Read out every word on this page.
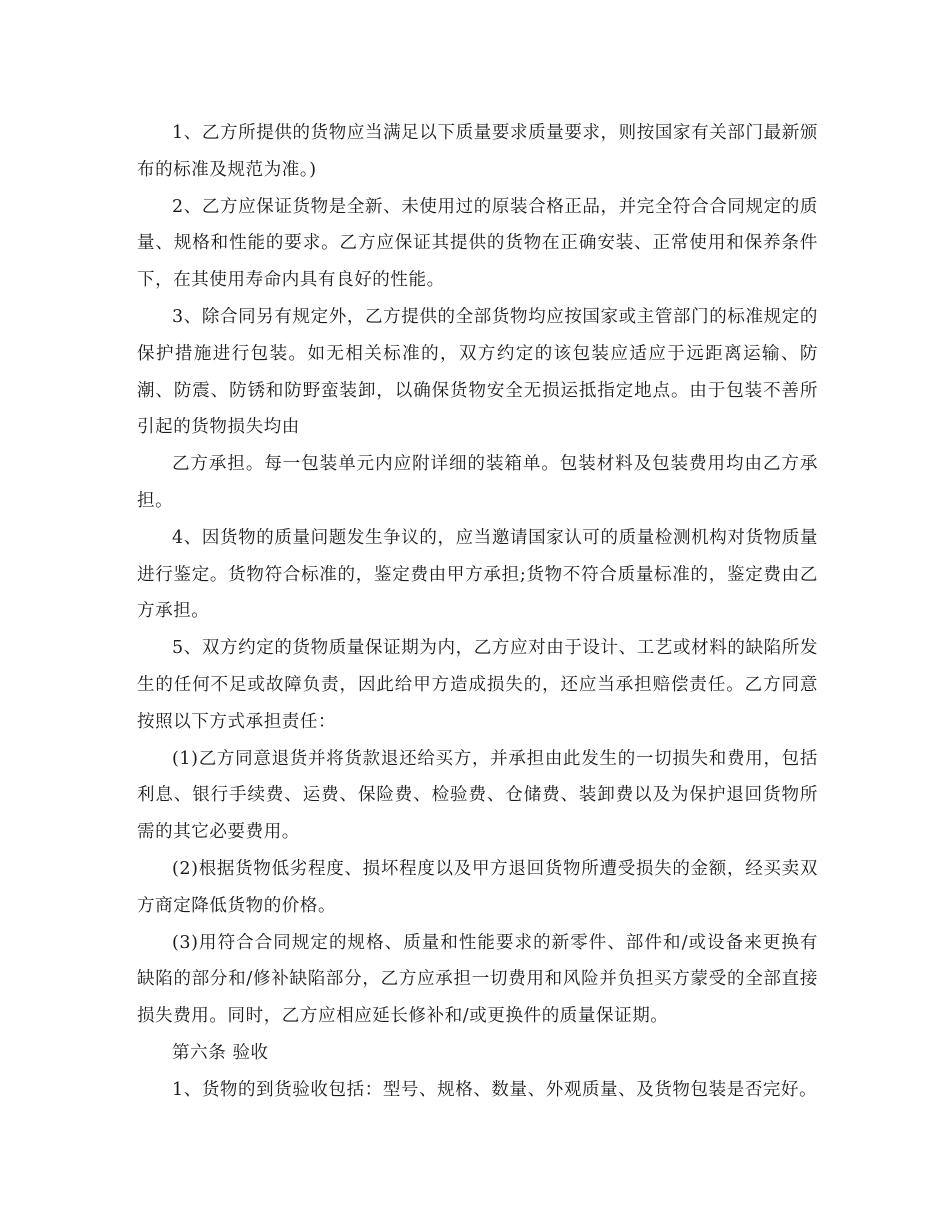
1、乙方所提供的货物应当满足以下质量要求质量要求，则按国家有关部门最新颁布的标准及规范为准。)

2、乙方应保证货物是全新、未使用过的原装合格正品，并完全符合合同规定的质量、规格和性能的要求。乙方应保证其提供的货物在正确安装、正常使用和保养条件下，在其使用寿命内具有良好的性能。

3、除合同另有规定外，乙方提供的全部货物均应按国家或主管部门的标准规定的保护措施进行包装。如无相关标准的，双方约定的该包装应适应于远距离运输、防潮、防震、防锈和防野蛮装卸，以确保货物安全无损运抵指定地点。由于包装不善所引起的货物损失均由

乙方承担。每一包装单元内应附详细的装箱单。包装材料及包装费用均由乙方承担。

4、因货物的质量问题发生争议的，应当邀请国家认可的质量检测机构对货物质量进行鉴定。货物符合标准的，鉴定费由甲方承担;货物不符合质量标准的，鉴定费由乙方承担。

5、双方约定的货物质量保证期为内，乙方应对由于设计、工艺或材料的缺陷所发生的任何不足或故障负责，因此给甲方造成损失的，还应当承担赔偿责任。乙方同意按照以下方式承担责任：

(1)乙方同意退货并将货款退还给买方，并承担由此发生的一切损失和费用，包括利息、银行手续费、运费、保险费、检验费、仓储费、装卸费以及为保护退回货物所需的其它必要费用。

(2)根据货物低劣程度、损坏程度以及甲方退回货物所遭受损失的金额，经买卖双方商定降低货物的价格。

(3)用符合合同规定的规格、质量和性能要求的新零件、部件和/或设备来更换有缺陷的部分和/修补缺陷部分，乙方应承担一切费用和风险并负担买方蒙受的全部直接损失费用。同时，乙方应相应延长修补和/或更换件的质量保证期。

第六条 验收

1、货物的到货验收包括：型号、规格、数量、外观质量、及货物包装是否完好。
